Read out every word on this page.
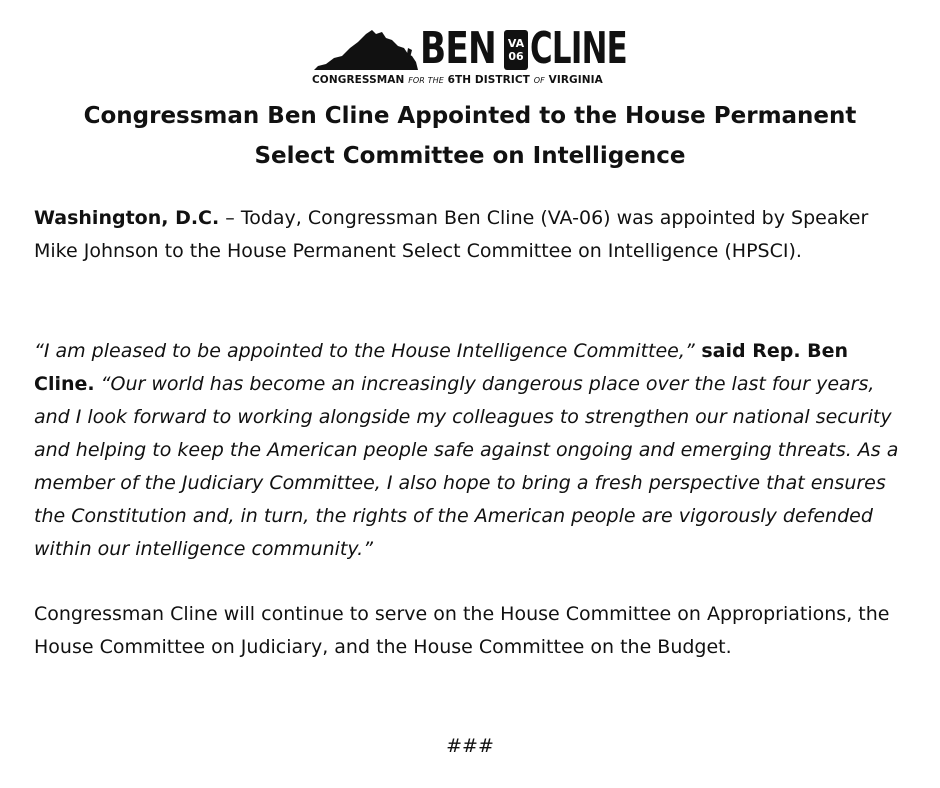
BEN VA
06 CLINE
CONGRESSMAN FOR THE 6TH DISTRICT OF VIRGINIA
Congressman Ben Cline Appointed to the House Permanent Select Committee on Intelligence

Washington, D.C. – Today, Congressman Ben Cline (VA-06) was appointed by Speaker Mike Johnson to the House Permanent Select Committee on Intelligence (HPSCI).

“I am pleased to be appointed to the House Intelligence Committee,” said Rep. Ben Cline. “Our world has become an increasingly dangerous place over the last four years, and I look forward to working alongside my colleagues to strengthen our national security and helping to keep the American people safe against ongoing and emerging threats. As a member of the Judiciary Committee, I also hope to bring a fresh perspective that ensures the Constitution and, in turn, the rights of the American people are vigorously defended within our intelligence community.”

Congressman Cline will continue to serve on the House Committee on Appropriations, the House Committee on Judiciary, and the House Committee on the Budget.

###
